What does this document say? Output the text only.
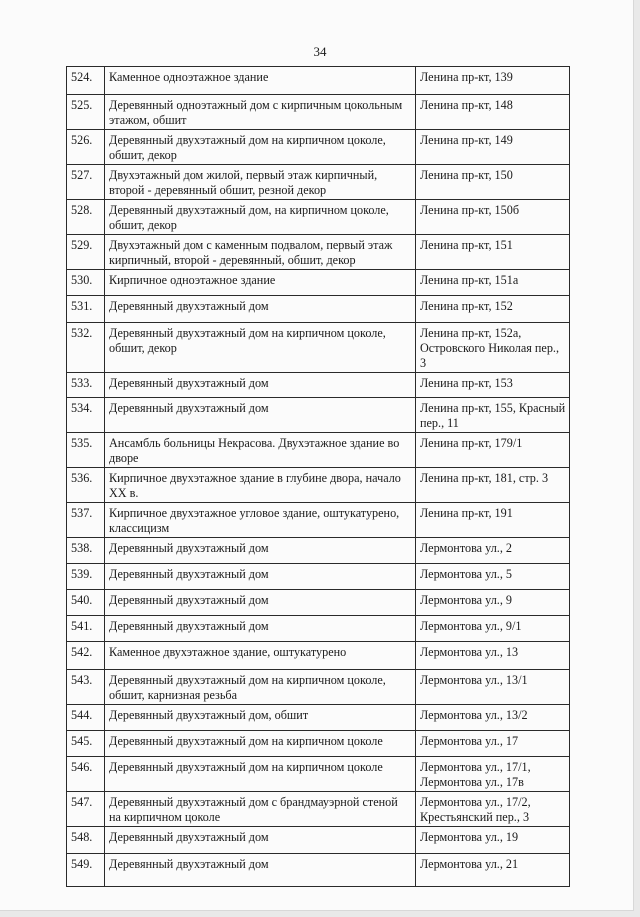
34
524.	Каменное одноэтажное здание	Ленина пр-кт, 139
525.	Деревянный одноэтажный дом с кирпичным цокольным этажом, обшит	Ленина пр-кт, 148
526.	Деревянный двухэтажный дом на кирпичном цоколе, обшит, декор	Ленина пр-кт, 149
527.	Двухэтажный дом жилой, первый этаж кирпичный, второй - деревянный обшит, резной декор	Ленина пр-кт, 150
528.	Деревянный двухэтажный дом, на кирпичном цоколе, обшит, декор	Ленина пр-кт, 150б
529.	Двухэтажный дом с каменным подвалом, первый этаж кирпичный, второй - деревянный, обшит, декор	Ленина пр-кт, 151
530.	Кирпичное одноэтажное здание	Ленина пр-кт, 151а
531.	Деревянный двухэтажный дом	Ленина пр-кт, 152
532.	Деревянный двухэтажный дом на кирпичном цоколе, обшит, декор	Ленина пр-кт, 152а, Островского Николая пер., 3
533.	Деревянный двухэтажный дом	Ленина пр-кт, 153
534.	Деревянный двухэтажный дом	Ленина пр-кт, 155, Красный пер., 11
535.	Ансамбль больницы Некрасова. Двухэтажное здание во дворе	Ленина пр-кт, 179/1
536.	Кирпичное двухэтажное здание в глубине двора, начало XX в.	Ленина пр-кт, 181, стр. 3
537.	Кирпичное двухэтажное угловое здание, оштукатурено, классицизм	Ленина пр-кт, 191
538.	Деревянный двухэтажный дом	Лермонтова ул., 2
539.	Деревянный двухэтажный дом	Лермонтова ул., 5
540.	Деревянный двухэтажный дом	Лермонтова ул., 9
541.	Деревянный двухэтажный дом	Лермонтова ул., 9/1
542.	Каменное двухэтажное здание, оштукатурено	Лермонтова ул., 13
543.	Деревянный двухэтажный дом на кирпичном цоколе, обшит, карнизная резьба	Лермонтова ул., 13/1
544.	Деревянный двухэтажный дом, обшит	Лермонтова ул., 13/2
545.	Деревянный двухэтажный дом на кирпичном цоколе	Лермонтова ул., 17
546.	Деревянный двухэтажный дом на кирпичном цоколе	Лермонтова ул., 17/1, Лермонтова ул., 17в
547.	Деревянный двухэтажный дом с брандмауэрной стеной на кирпичном цоколе	Лермонтова ул., 17/2, Крестьянский пер., 3
548.	Деревянный двухэтажный дом	Лермонтова ул., 19
549.	Деревянный двухэтажный дом	Лермонтова ул., 21
